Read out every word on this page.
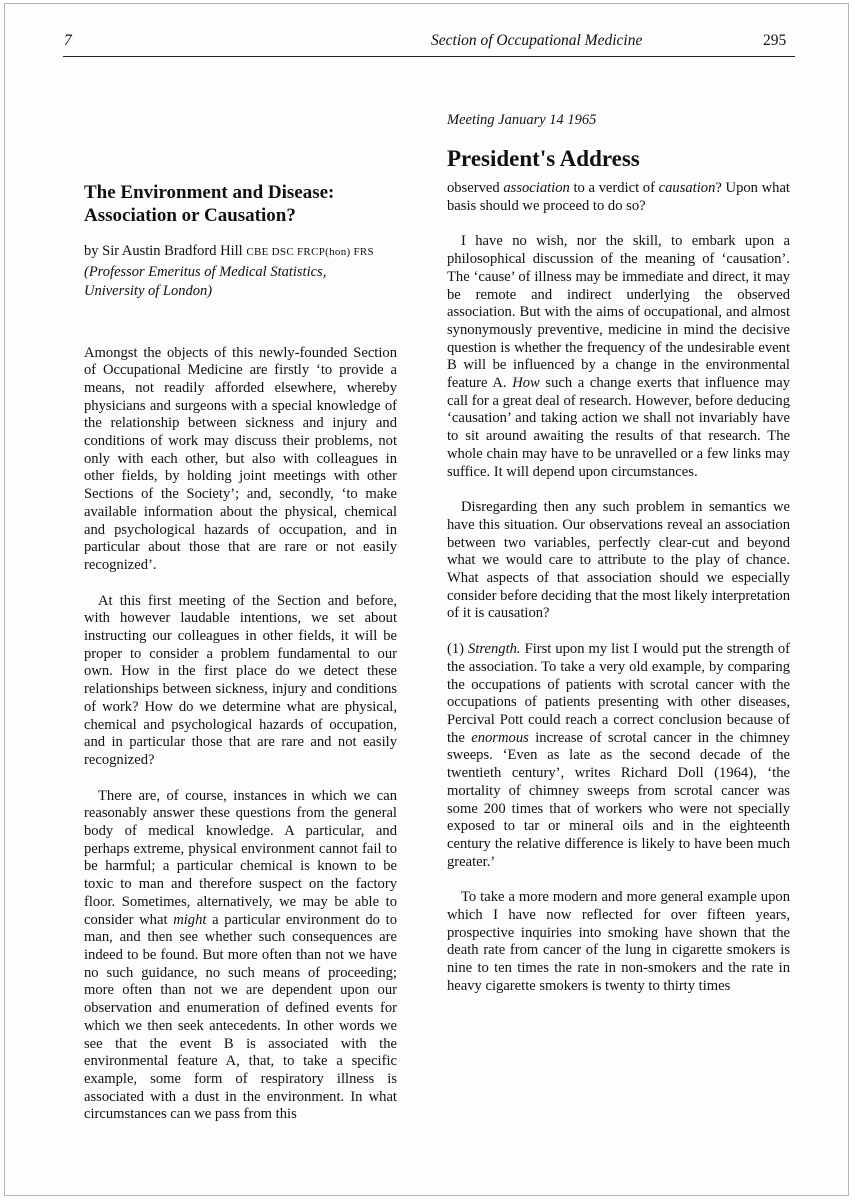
7	Section of Occupational Medicine	295
The Environment and Disease:
Association or Causation?

by Sir Austin Bradford Hill CBE DSC FRCP(hon) FRS
(Professor Emeritus of Medical Statistics,
University of London)

Amongst the objects of this newly-founded Section of Occupational Medicine are firstly ‘to provide a means, not readily afforded elsewhere, whereby physicians and surgeons with a special knowledge of the relationship between sickness and injury and conditions of work may discuss their problems, not only with each other, but also with colleagues in other fields, by holding joint meetings with other Sections of the Society’; and, secondly, ‘to make available information about the physical, chemical and psychological hazards of occupation, and in particular about those that are rare or not easily recognized’.

At this first meeting of the Section and before, with however laudable intentions, we set about instructing our colleagues in other fields, it will be proper to consider a problem fundamental to our own. How in the first place do we detect these relationships between sickness, injury and conditions of work? How do we determine what are physical, chemical and psychological hazards of occupation, and in particular those that are rare and not easily recognized?

There are, of course, instances in which we can reasonably answer these questions from the general body of medical knowledge. A particular, and perhaps extreme, physical environment cannot fail to be harmful; a particular chemical is known to be toxic to man and therefore suspect on the factory floor. Sometimes, alternatively, we may be able to consider what might a particular environment do to man, and then see whether such consequences are indeed to be found. But more often than not we have no such guidance, no such means of proceeding; more often than not we are dependent upon our observation and enumeration of defined events for which we then seek antecedents. In other words we see that the event B is associated with the environmental feature A, that, to take a specific example, some form of respiratory illness is associated with a dust in the environment. In what circumstances can we pass from this

Meeting January 14 1965

President's Address

observed association to a verdict of causation? Upon what basis should we proceed to do so?

I have no wish, nor the skill, to embark upon a philosophical discussion of the meaning of ‘causation’. The ‘cause’ of illness may be immediate and direct, it may be remote and indirect underlying the observed association. But with the aims of occupational, and almost synonymously preventive, medicine in mind the decisive question is whether the frequency of the undesirable event B will be influenced by a change in the environmental feature A. How such a change exerts that influence may call for a great deal of research. However, before deducing ‘causation’ and taking action we shall not invariably have to sit around awaiting the results of that research. The whole chain may have to be unravelled or a few links may suffice. It will depend upon circumstances.

Disregarding then any such problem in semantics we have this situation. Our observations reveal an association between two variables, perfectly clear-cut and beyond what we would care to attribute to the play of chance. What aspects of that association should we especially consider before deciding that the most likely interpretation of it is causation?

(1) Strength. First upon my list I would put the strength of the association. To take a very old example, by comparing the occupations of patients with scrotal cancer with the occupations of patients presenting with other diseases, Percival Pott could reach a correct conclusion because of the enormous increase of scrotal cancer in the chimney sweeps. ‘Even as late as the second decade of the twentieth century’, writes Richard Doll (1964), ‘the mortality of chimney sweeps from scrotal cancer was some 200 times that of workers who were not specially exposed to tar or mineral oils and in the eighteenth century the relative difference is likely to have been much greater.’

To take a more modern and more general example upon which I have now reflected for over fifteen years, prospective inquiries into smoking have shown that the death rate from cancer of the lung in cigarette smokers is nine to ten times the rate in non-smokers and the rate in heavy cigarette smokers is twenty to thirty times
